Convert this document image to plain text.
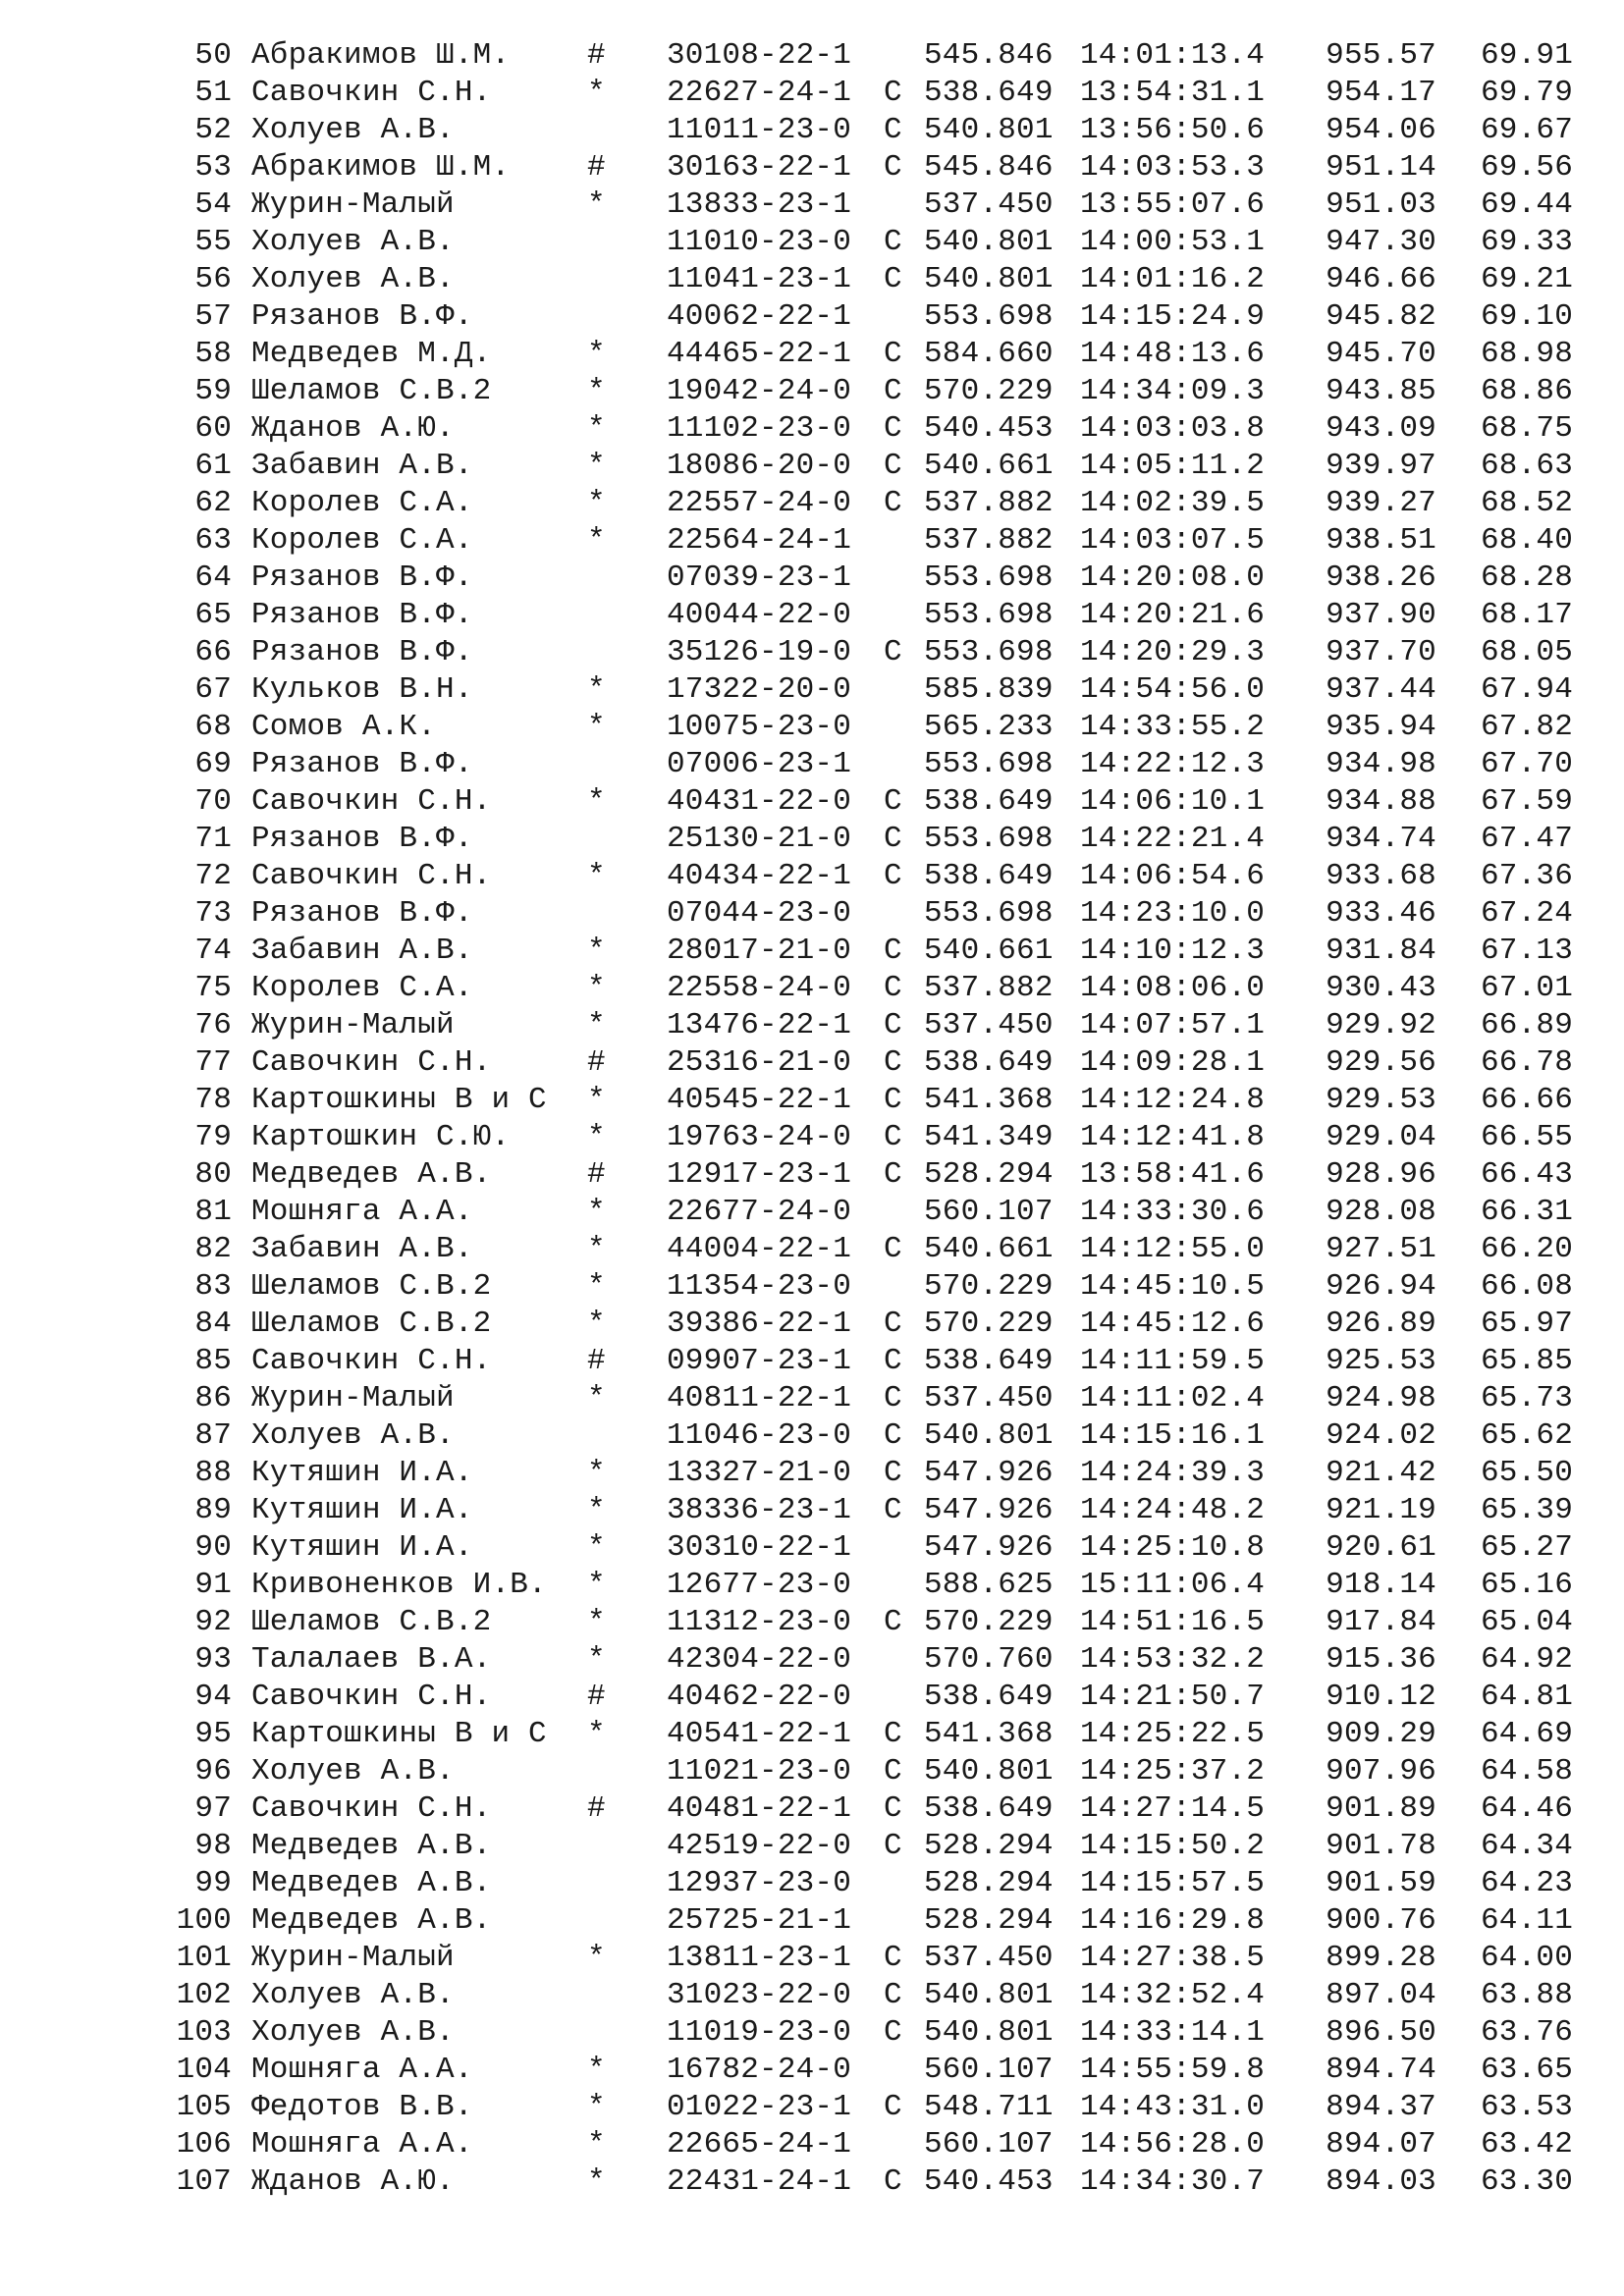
50 Абракимов Ш.М.	# 30108-22-1 545.846 14:01:13.4	955.57	69.91
51 Савочкин С.Н.	* 22627-24-1 C 538.649 13:54:31.1	954.17	69.79
52 Холуев А.В.	11011-23-0 C 540.801 13:56:50.6	954.06	69.67
53 Абракимов Ш.М.	# 30163-22-1 C 545.846 14:03:53.3	951.14	69.56
54 Журин-Малый	* 13833-23-1 537.450 13:55:07.6	951.03	69.44
55 Холуев А.В.	11010-23-0 C 540.801 14:00:53.1	947.30	69.33
56 Холуев А.В.	11041-23-1 C 540.801 14:01:16.2	946.66	69.21
57 Рязанов В.Ф.	40062-22-1 553.698 14:15:24.9	945.82	69.10
58 Медведев М.Д.	* 44465-22-1 C 584.660 14:48:13.6	945.70	68.98
59 Шеламов С.В.2	* 19042-24-0 C 570.229 14:34:09.3	943.85	68.86
60 Жданов А.Ю.	* 11102-23-0 C 540.453 14:03:03.8	943.09	68.75
61 Забавин А.В.	* 18086-20-0 C 540.661 14:05:11.2	939.97	68.63
62 Королев С.А.	* 22557-24-0 C 537.882 14:02:39.5	939.27	68.52
63 Королев С.А.	* 22564-24-1 537.882 14:03:07.5	938.51	68.40
64 Рязанов В.Ф.	07039-23-1 553.698 14:20:08.0	938.26	68.28
65 Рязанов В.Ф.	40044-22-0 553.698 14:20:21.6	937.90	68.17
66 Рязанов В.Ф.	35126-19-0 C 553.698 14:20:29.3	937.70	68.05
67 Кульков В.Н.	* 17322-20-0 585.839 14:54:56.0	937.44	67.94
68 Сомов А.К.	* 10075-23-0 565.233 14:33:55.2	935.94	67.82
69 Рязанов В.Ф.	07006-23-1 553.698 14:22:12.3	934.98	67.70
70 Савочкин С.Н.	* 40431-22-0 C 538.649 14:06:10.1	934.88	67.59
71 Рязанов В.Ф.	25130-21-0 C 553.698 14:22:21.4	934.74	67.47
72 Савочкин С.Н.	* 40434-22-1 C 538.649 14:06:54.6	933.68	67.36
73 Рязанов В.Ф.	07044-23-0 553.698 14:23:10.0	933.46	67.24
74 Забавин А.В.	* 28017-21-0 C 540.661 14:10:12.3	931.84	67.13
75 Королев С.А.	* 22558-24-0 C 537.882 14:08:06.0	930.43	67.01
76 Журин-Малый	* 13476-22-1 C 537.450 14:07:57.1	929.92	66.89
77 Савочкин С.Н.	# 25316-21-0 C 538.649 14:09:28.1	929.56	66.78
78 Картошкины В и С * 40545-22-1 C 541.368 14:12:24.8	929.53	66.66
79 Картошкин С.Ю.	* 19763-24-0 C 541.349 14:12:41.8	929.04	66.55
80 Медведев А.В.	# 12917-23-1 C 528.294 13:58:41.6	928.96	66.43
81 Мошняга А.А.	* 22677-24-0 560.107 14:33:30.6	928.08	66.31
82 Забавин А.В.	* 44004-22-1 C 540.661 14:12:55.0	927.51	66.20
83 Шеламов С.В.2	* 11354-23-0 570.229 14:45:10.5	926.94	66.08
84 Шеламов С.В.2	* 39386-22-1 C 570.229 14:45:12.6	926.89	65.97
85 Савочкин С.Н.	# 09907-23-1 C 538.649 14:11:59.5	925.53	65.85
86 Журин-Малый	* 40811-22-1 C 537.450 14:11:02.4	924.98	65.73
87 Холуев А.В.	11046-23-0 C 540.801 14:15:16.1	924.02	65.62
88 Кутяшин И.А.	* 13327-21-0 C 547.926 14:24:39.3	921.42	65.50
89 Кутяшин И.А.	* 38336-23-1 C 547.926 14:24:48.2	921.19	65.39
90 Кутяшин И.А.	* 30310-22-1 547.926 14:25:10.8	920.61	65.27
91 Кривоненков И.В. * 12677-23-0 588.625 15:11:06.4	918.14	65.16
92 Шеламов С.В.2	* 11312-23-0 C 570.229 14:51:16.5	917.84	65.04
93 Талалаев В.А.	* 42304-22-0 570.760 14:53:32.2	915.36	64.92
94 Савочкин С.Н.	# 40462-22-0 538.649 14:21:50.7	910.12	64.81
95 Картошкины В и С * 40541-22-1 C 541.368 14:25:22.5	909.29	64.69
96 Холуев А.В.	11021-23-0 C 540.801 14:25:37.2	907.96	64.58
97 Савочкин С.Н.	# 40481-22-1 C 538.649 14:27:14.5	901.89	64.46
98 Медведев А.В.	42519-22-0 C 528.294 14:15:50.2	901.78	64.34
99 Медведев А.В.	12937-23-0 528.294 14:15:57.5	901.59	64.23
100 Медведев А.В.	25725-21-1 528.294 14:16:29.8	900.76	64.11
101 Журин-Малый	* 13811-23-1 C 537.450 14:27:38.5	899.28	64.00
102 Холуев А.В.	31023-22-0 C 540.801 14:32:52.4	897.04	63.88
103 Холуев А.В.	11019-23-0 C 540.801 14:33:14.1	896.50	63.76
104 Мошняга А.А.	* 16782-24-0 560.107 14:55:59.8	894.74	63.65
105 Федотов В.В.	* 01022-23-1 C 548.711 14:43:31.0	894.37	63.53
106 Мошняга А.А.	* 22665-24-1 560.107 14:56:28.0	894.07	63.42
107 Жданов А.Ю.	* 22431-24-1 C 540.453 14:34:30.7	894.03	63.30
